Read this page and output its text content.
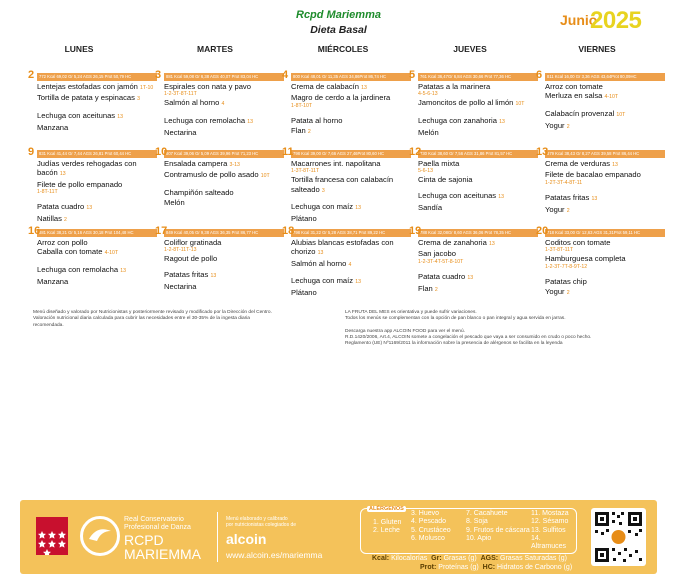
Rcpd Mariemma
Dieta Basal
Junio
2025
LUNES	MARTES	MIÉRCOLES	JUEVES	VIERNES
2	772 Kcal 69,02 Gr 5,24 AGS 26,15 Prot 50,79 HC
Lentejas estofadas con jamón 1T-10
Tortilla de patata y espinacas 3
Lechuga con aceitunas 13
Manzana
3	881 Kcal 59,08 Gr 6,38 AGS 40,07 Prot 83,04 HC
Espirales con nata y pavo
1-2-3T-8T-11T
Salmón al horno 4
Lechuga con remolacha 13
Nectarina
4	800 Kcal 48,01 Gr 11,35 AGS 34,86Prot 86,74 HC
Crema de calabacín 13
Magro de cerdo a la jardinera
1-8T-10T
Patata al horno
Flan 2
5	761 Kcal 36,47Gr 6,84 AGS 30,66 Prot 77,36 HC
Patatas a la marinera
4-5-6-13
Jamoncitos de pollo al limón 10T
Lechuga con zanahoria 13
Melón
6	811 Kcal 16,00 Gr 3,36 AGS 43,64Prot 80,09HC
Arroz con tomate
Merluza en salsa 4-10T
Calabacín provenzal 10T
Yogur 2
9	831 Kcal 41,44 Gr 7,44 AGS 26,81 Prot 60,44 HC
Judías verdes rehogadas con bacón 13
Filete de pollo empanado
1-8T-11T
Patata cuadro 13
Natillas 2
10
807 Kcal 39,06 Gr 5,09 AGS 39,96 Prot 71,23 HC
Ensalada campera 3-13
Contramuslo de pollo asado 10T
Champiñón salteado
Melón
11 798 Kcal 39,00 Gr 7,66 AGS 27,46Prot 80,60 HC
Macarrones int. napolitana
1-3T-8T-11T
Tortilla francesa con calabacín salteado 3
Lechuga con maíz 13
Plátano
12
730 Kcal 38,60 Gr 7,56 AGS 31,86 Prot 81,57 HC
Paella mixta
5-6-13
Cinta de sajonia
Lechuga con aceitunas 13
Sandía
13
879 Kcal 38,43 Gr 8,27 AGS 39,58 Prot 86,44 HC
Crema de verduras 13
Filete de bacalao empanado
1-2T-3T-4-8T-11
Patatas fritas 13
Yogur 2
16
881 Kcal 38,21 Gr 5,16 AGS 30,18 Prot 104,48 HC
Arroz con pollo
Caballa con tomate 4-10T
Lechuga con remolacha 13
Manzana
17
849 Kcal 40,05 Gr 9,38 AGS 36,35 Prot 86,77 HC
Coliflor gratinada
1-2-8T-11T-13
Ragout de pollo
Patatas fritas 13
Nectarina
18
798 Kcal 31,22 Gr 5,28 AGS 38,71 Prot 89,22 HC
Alubias blancas estofadas con chorizo 13
Salmón al horno 4
Lechuga con maíz 13
Plátano
19
788 Kcal 32,08Gr 8,60 AGS 36,06 Prot 78,35 HC
Crema de zanahoria 13
San jacobo
1-2-3T-4T-5T-8-10T
Patata cuadro 13
Flan 2
20
718 Kcal 33,00 Gr 12,63 AGS 31,31Prot 59,11 HC
Coditos con tomate
1-3T-8T-11T
Hamburguesa completa
1-2-3T-7T-8-9T-12
Patatas chip
Yogur 2
Menú diseñado y valorado por Nutricionistas y posteriormente revisado y modificado por la Dirección del Centro.
Valoración nutricional diaria calculada para cubrir las necesidades entre el 30-35% de la ingesta diaria
recomendada.
LA FRUTA DEL MES es orientativa y puede sufrir variaciones.
Todos los menús se complementan con la opción de pan blanco o pan integral y agua servida en jarras.

Descarga nuestra app ALCOIN FOOD para ver el menú.
R.D.1420/2006, Art.4, ALCOIN somete a congelación el pescado que vaya a ser consumido en crudo o poco hecho.
Reglamento (UE) Nº1169/2011 la información sobre la presencia de alérgenos se facilita en la leyenda
Real Conservatorio
Profesional de Danza
RCPD
MARIEMMA
Menú elaborado y calibrado
por nutricionistas colegiados de
alcoin
www.alcoin.es/mariemma
ALÉRGENOS
1. Gluten
2. Leche
3. Huevo
4. Pescado
5. Crustáceo
6. Molusco
7. Cacahuete
8. Soja
9. Frutos de cáscara
10. Apio
11. Mostaza
12. Sésamo
13. Sulfitos
14. Altramuces
Kcal: Kilocalorías Gr: Grasas (g) AGS: Grasas Saturadas (g)
Prot: Proteínas (g) HC: Hidratos de Carbono (g)
